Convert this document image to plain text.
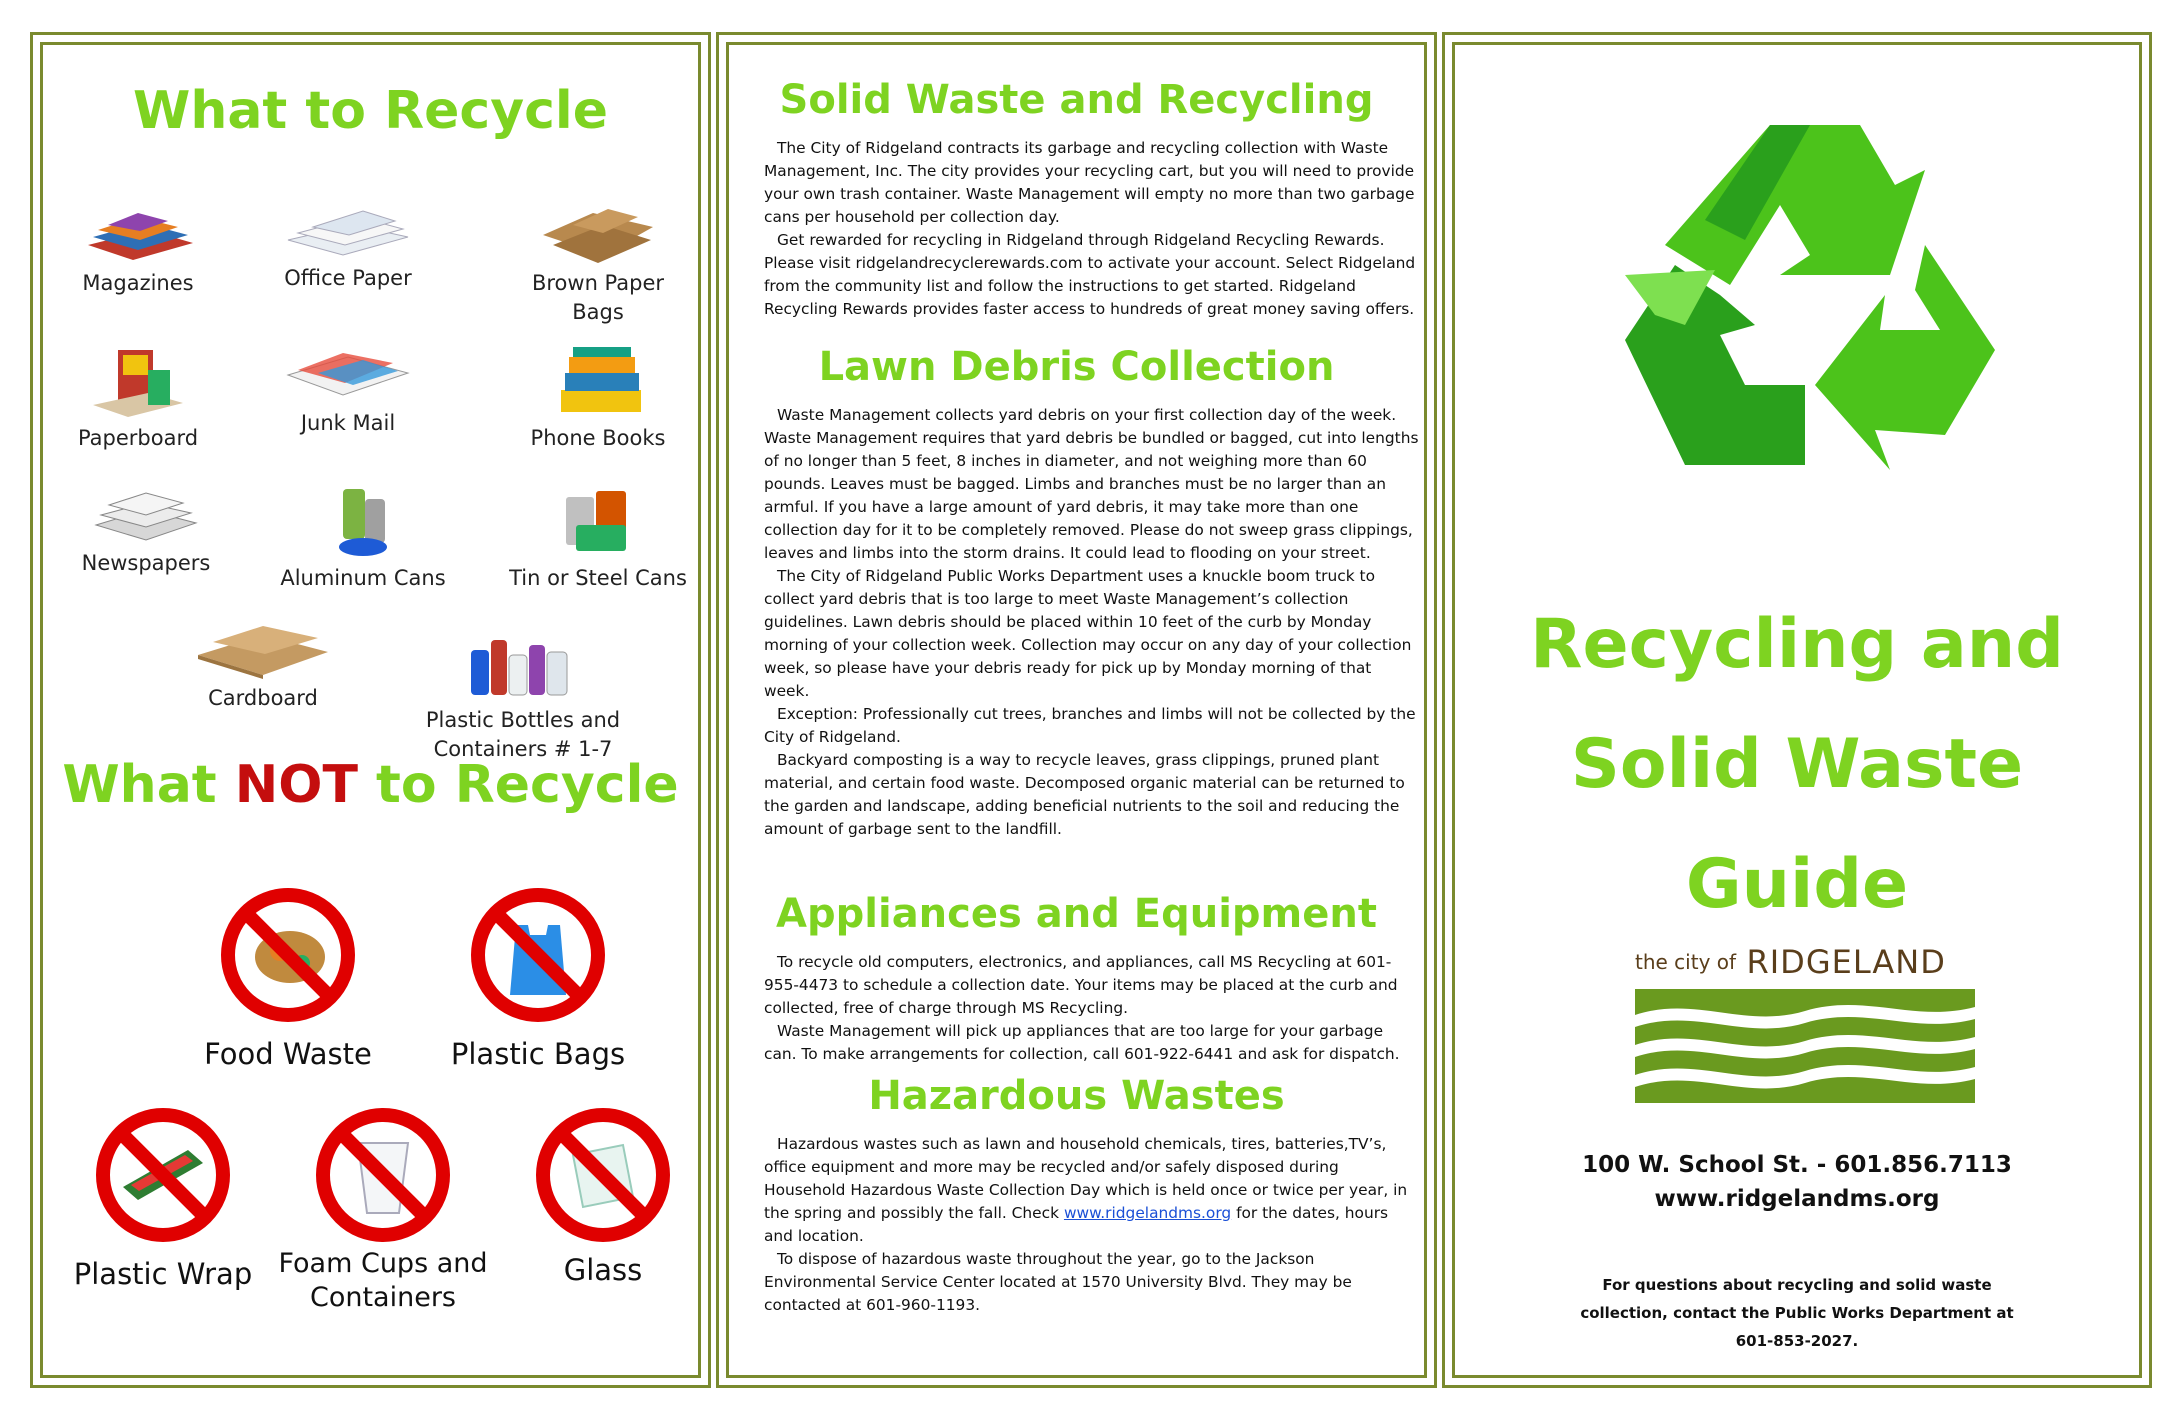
What to Recycle
Magazines	Office Paper	Brown Paper Bags
Paperboard
Junk Mail
Phone Books
Newspapers
Aluminum Cans	Tin or Steel Cans
Cardboard
Plastic Bottles and Containers # 1-7
What NOT to Recycle
Food Waste	Plastic Bags
Plastic Wrap Foam Cups and Containers
Glass
Solid Waste and Recycling

The City of Ridgeland contracts its garbage and recycling collection with Waste Management, Inc. The city provides your recycling cart, but you will need to provide your own trash container. Waste Management will empty no more than two garbage cans per household per collection day.

Get rewarded for recycling in Ridgeland through Ridgeland Recycling Rewards. Please visit ridgelandrecyclerewards.com to activate your account. Select Ridgeland from the community list and follow the instructions to get started. Ridgeland Recycling Rewards provides faster access to hundreds of great money saving offers.

Lawn Debris Collection

Waste Management collects yard debris on your first collection day of the week. Waste Management requires that yard debris be bundled or bagged, cut into lengths of no longer than 5 feet, 8 inches in diameter, and not weighing more than 60 pounds. Leaves must be bagged. Limbs and branches must be no larger than an armful. If you have a large amount of yard debris, it may take more than one collection day for it to be completely removed. Please do not sweep grass clippings, leaves and limbs into the storm drains. It could lead to flooding on your street.

The City of Ridgeland Public Works Department uses a knuckle boom truck to collect yard debris that is too large to meet Waste Management’s collection guidelines. Lawn debris should be placed within 10 feet of the curb by Monday morning of your collection week. Collection may occur on any day of your collection week, so please have your debris ready for pick up by Monday morning of that week.

Exception: Professionally cut trees, branches and limbs will not be collected by the City of Ridgeland.

Backyard composting is a way to recycle leaves, grass clippings, pruned plant material, and certain food waste. Decomposed organic material can be returned to the garden and landscape, adding beneficial nutrients to the soil and reducing the amount of garbage sent to the landfill.

Appliances and Equipment

To recycle old computers, electronics, and appliances, call MS Recycling at 601-955-4473 to schedule a collection date. Your items may be placed at the curb and collected, free of charge through MS Recycling.

Waste Management will pick up appliances that are too large for your garbage can. To make arrangements for collection, call 601-922-6441 and ask for dispatch.

Hazardous Wastes

Hazardous wastes such as lawn and household chemicals, tires, batteries,TV’s, office equipment and more may be recycled and/or safely disposed during Household Hazardous Waste Collection Day which is held once or twice per year, in the spring and possibly the fall. Check www.ridgelandms.org for the dates, hours and location.

To dispose of hazardous waste throughout the year, go to the Jackson Environmental Service Center located at 1570 University Blvd. They may be contacted at 601-960-1193.

Recycling and
Solid Waste
Guide
the city of RIDGELAND
100 W. School St. - 601.856.7113
www.ridgelandms.org
For questions about recycling and solid waste collection, contact the Public Works Department at 601-853-2027.
